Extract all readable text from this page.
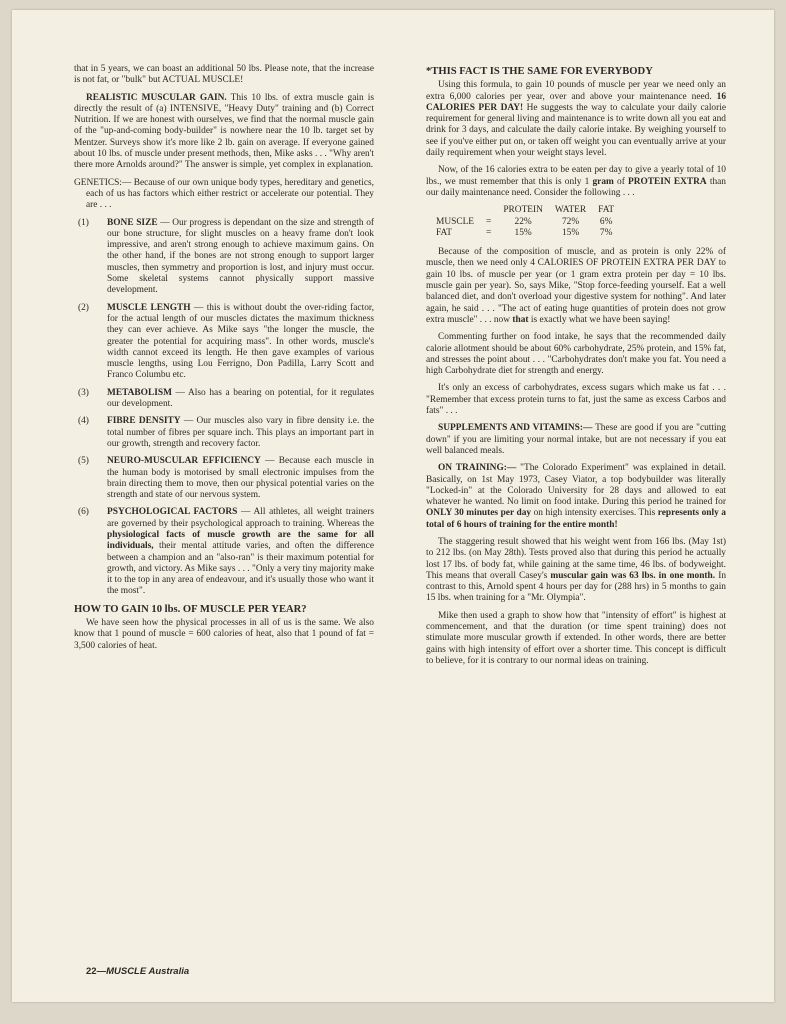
that in 5 years, we can boast an additional 50 lbs. Please note, that the increase is not fat, or "bulk" but ACTUAL MUSCLE!

REALISTIC MUSCULAR GAIN. This 10 lbs. of extra muscle gain is directly the result of (a) INTENSIVE, "Heavy Duty" training and (b) Correct Nutrition. If we are honest with ourselves, we find that the normal muscle gain of the "up-and-coming body-builder" is nowhere near the 10 lb. target set by Mentzer. Surveys show it's more like 2 lb. gain on average. If everyone gained about 10 lbs. of muscle under present methods, then, Mike asks . . . "Why aren't there more Arnolds around?" The answer is simple, yet complex in explanation.

GENETICS:— Because of our own unique body types, hereditary and genetics, each of us has factors which either restrict or accelerate our potential. They are . . .

(1) BONE SIZE — Our progress is dependant on the size and strength of our bone structure, for slight muscles on a heavy frame don't look impressive, and aren't strong enough to achieve maximum gains. On the other hand, if the bones are not strong enough to support larger muscles, then symmetry and proportion is lost, and injury must occur. Some skeletal systems cannot physically support massive development.
(2) MUSCLE LENGTH — this is without doubt the over-riding factor, for the actual length of our muscles dictates the maximum thickness they can ever achieve. As Mike says "the longer the muscle, the greater the potential for acquiring mass". In other words, muscle's width cannot exceed its length. He then gave examples of various muscle lengths, using Lou Ferrigno, Don Padilla, Larry Scott and Franco Columbu etc.
(3) METABOLISM — Also has a bearing on potential, for it regulates our development.
(4) FIBRE DENSITY — Our muscles also vary in fibre density i.e. the total number of fibres per square inch. This plays an important part in our growth, strength and recovery factor.
(5) NEURO-MUSCULAR EFFICIENCY — Because each muscle in the human body is motorised by small electronic impulses from the brain directing them to move, then our physical potential varies on the strength and state of our nervous system.
(6) PSYCHOLOGICAL FACTORS — All athletes, all weight trainers are governed by their psychological approach to training. Whereas the physiological facts of muscle growth are the same for all individuals, their mental attitude varies, and often the difference between a champion and an "also-ran" is their maximum potential for growth, and victory. As Mike says . . . "Only a very tiny majority make it to the top in any area of endeavour, and it's usually those who want it the most".

HOW TO GAIN 10 lbs. OF MUSCLE PER YEAR?

We have seen how the physical processes in all of us is the same. We also know that 1 pound of muscle = 600 calories of heat, also that 1 pound of fat = 3,500 calories of heat.

*THIS FACT IS THE SAME FOR EVERYBODY

Using this formula, to gain 10 pounds of muscle per year we need only an extra 6,000 calories per year, over and above your maintenance need. 16 CALORIES PER DAY! He suggests the way to calculate your daily calorie requirement for general living and maintenance is to write down all you eat and drink for 3 days, and calculate the daily calorie intake. By weighing yourself to see if you've either put on, or taken off weight you can eventually arrive at your daily requirement when your weight stays level.

Now, of the 16 calories extra to be eaten per day to give a yearly total of 10 lbs., we must remember that this is only 1 gram of PROTEIN EXTRA than our daily maintenance need. Consider the following . . .

		PROTEIN	WATER	FAT
MUSCLE	=	22%	72%	6%
FAT	=	15%	15%	7%

Because of the composition of muscle, and as protein is only 22% of muscle, then we need only 4 CALORIES OF PROTEIN EXTRA PER DAY to gain 10 lbs. of muscle per year (or 1 gram extra protein per day = 10 lbs. muscle gain per year). So, says Mike, "Stop force-feeding yourself. Eat a well balanced diet, and don't overload your digestive system for nothing". And later again, he said . . . "The act of eating huge quantities of protein does not grow extra muscle" . . . now that is exactly what we have been saying!

Commenting further on food intake, he says that the recommended daily calorie allotment should be about 60% carbohydrate, 25% protein, and 15% fat, and stresses the point about . . . "Carbohydrates don't make you fat. You need a high Carbohydrate diet for strength and energy.

It's only an excess of carbohydrates, excess sugars which make us fat . . . "Remember that excess protein turns to fat, just the same as excess Carbos and fats" . . .

SUPPLEMENTS AND VITAMINS:— These are good if you are "cutting down" if you are limiting your normal intake, but are not necessary if you eat well balanced meals.

ON TRAINING:— "The Colorado Experiment" was explained in detail. Basically, on 1st May 1973, Casey Viator, a top bodybuilder was literally "Locked-in" at the Colorado University for 28 days and allowed to eat whatever he wanted. No limit on food intake. During this period he trained for ONLY 30 minutes per day on high intensity exercises. This represents only a total of 6 hours of training for the entire month!

The staggering result showed that his weight went from 166 lbs. (May 1st) to 212 lbs. (on May 28th). Tests proved also that during this period he actually lost 17 lbs. of body fat, while gaining at the same time, 46 lbs. of bodyweight. This means that overall Casey's muscular gain was 63 lbs. in one month. In contrast to this, Arnold spent 4 hours per day for (288 hrs) in 5 months to gain 15 lbs. when training for a "Mr. Olympia".

Mike then used a graph to show how that "intensity of effort" is highest at commencement, and that the duration (or time spent training) does not stimulate more muscular growth if extended. In other words, there are better gains with high intensity of effort over a shorter time. This concept is difficult to believe, for it is contrary to our normal ideas on training.

22—MUSCLE Australia
